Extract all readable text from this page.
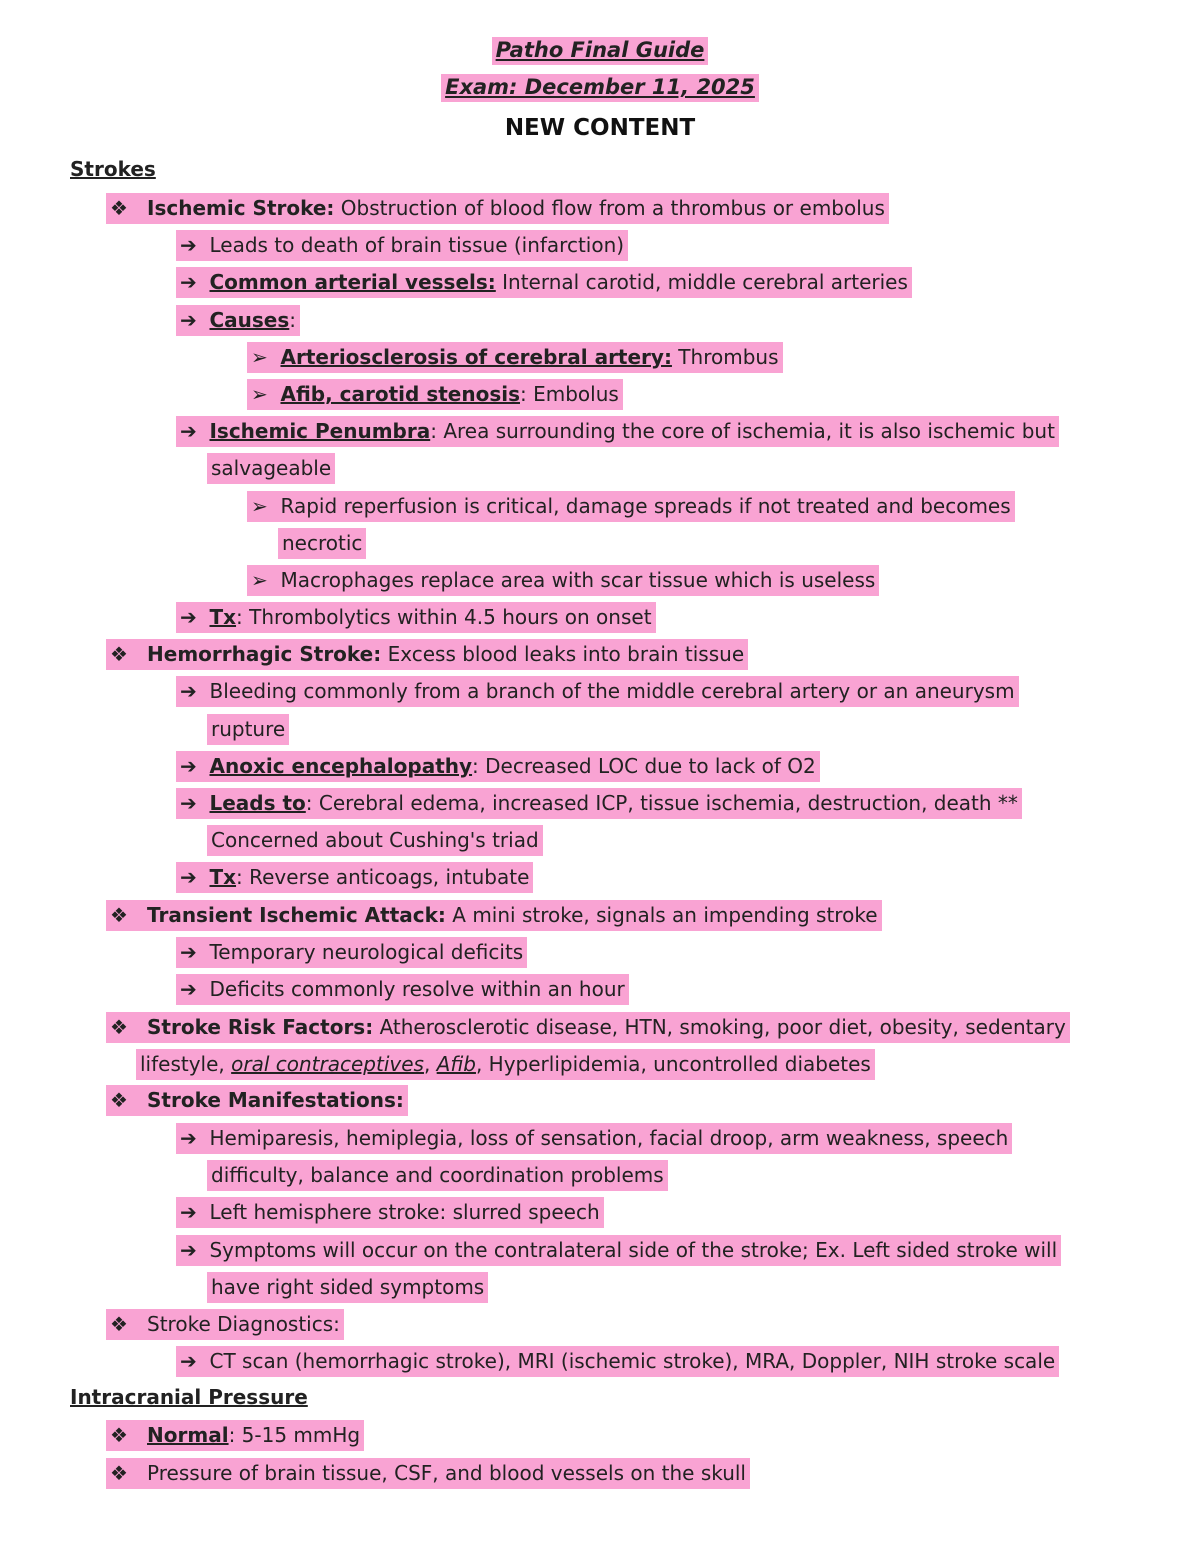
Patho Final Guide
Exam: December 11, 2025
NEW CONTENT
Strokes
❖ Ischemic Stroke: Obstruction of blood flow from a thrombus or embolus
➔ Leads to death of brain tissue (infarction)
➔ Common arterial vessels: Internal carotid, middle cerebral arteries
➔ Causes:
➢ Arteriosclerosis of cerebral artery: Thrombus
➢ Afib, carotid stenosis: Embolus
➔ Ischemic Penumbra: Area surrounding the core of ischemia, it is also ischemic but
salvageable
➢ Rapid reperfusion is critical, damage spreads if not treated and becomes
necrotic
➢ Macrophages replace area with scar tissue which is useless
➔ Tx: Thrombolytics within 4.5 hours on onset
❖ Hemorrhagic Stroke: Excess blood leaks into brain tissue
➔ Bleeding commonly from a branch of the middle cerebral artery or an aneurysm
rupture
➔ Anoxic encephalopathy: Decreased LOC due to lack of O2
➔ Leads to: Cerebral edema, increased ICP, tissue ischemia, destruction, death **
Concerned about Cushing's triad
➔ Tx: Reverse anticoags, intubate
❖ Transient Ischemic Attack: A mini stroke, signals an impending stroke
➔ Temporary neurological deficits
➔ Deficits commonly resolve within an hour
❖ Stroke Risk Factors: Atherosclerotic disease, HTN, smoking, poor diet, obesity, sedentary
lifestyle, oral contraceptives, Afib, Hyperlipidemia, uncontrolled diabetes
❖ Stroke Manifestations:
➔ Hemiparesis, hemiplegia, loss of sensation, facial droop, arm weakness, speech
difficulty, balance and coordination problems
➔ Left hemisphere stroke: slurred speech
➔ Symptoms will occur on the contralateral side of the stroke; Ex. Left sided stroke will
have right sided symptoms
❖ Stroke Diagnostics:
➔ CT scan (hemorrhagic stroke), MRI (ischemic stroke), MRA, Doppler, NIH stroke scale
Intracranial Pressure
❖ Normal: 5-15 mmHg
❖ Pressure of brain tissue, CSF, and blood vessels on the skull
